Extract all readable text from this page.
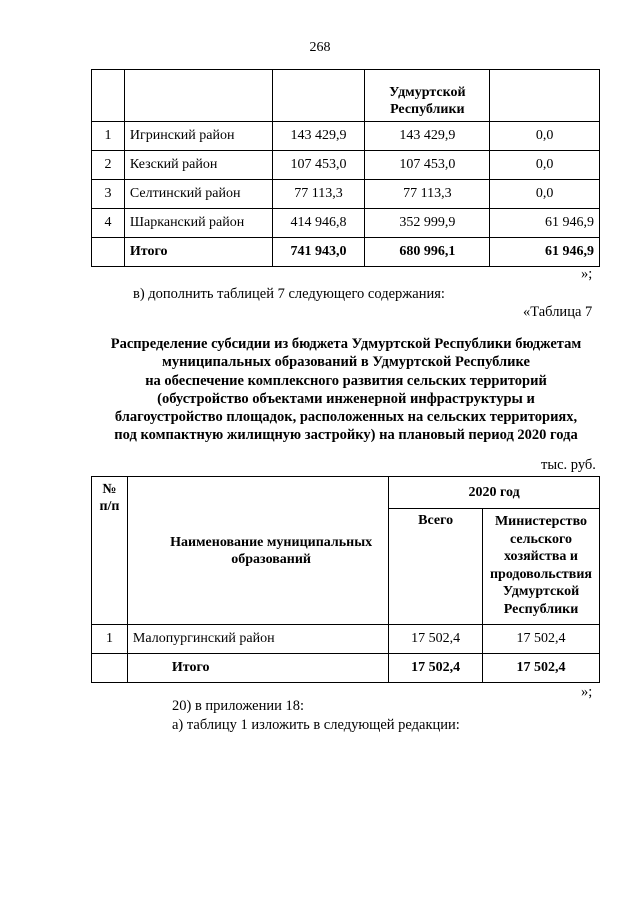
268
			Удмуртской Республики	
1	Игринский район	143 429,9	143 429,9	0,0
2	Кезский район	107 453,0	107 453,0	0,0
3	Селтинский район	77 113,3	77 113,3	0,0
4	Шарканский район	414 946,8	352 999,9	61 946,9
	Итого	741 943,0	680 996,1	61 946,9
»;
в) дополнить таблицей 7 следующего содержания:
«Таблица 7
Распределение субсидии из бюджета Удмуртской Республики бюджетам
муниципальных образований в Удмуртской Республике
на обеспечение комплексного развития сельских территорий
(обустройство объектами инженерной инфраструктуры и
благоустройство площадок, расположенных на сельских территориях,
под компактную жилищную застройку) на плановый период 2020 года
тыс. руб.
№ п/п	Наименование муниципальных образований	2020 год	
		Всего	Министерство сельского хозяйства и продовольствия Удмуртской Республики
1	Малопургинский район	17 502,4	17 502,4
	Итого	17 502,4	17 502,4
»;
20) в приложении 18:
а) таблицу 1 изложить в следующей редакции:
